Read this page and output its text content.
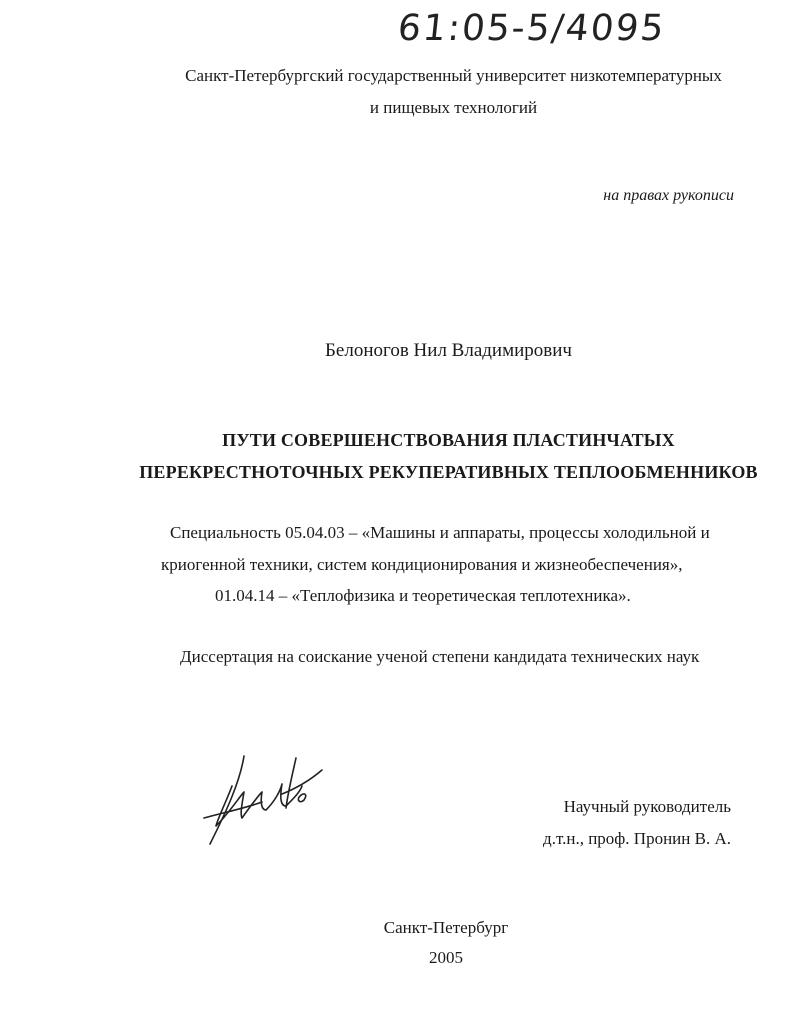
61:05-5/4095
Санкт-Петербургский государственный университет низкотемпературных
и пищевых технологий
на правах рукописи
Белоногов Нил Владимирович
ПУТИ СОВЕРШЕНСТВОВАНИЯ ПЛАСТИНЧАТЫХ
ПЕРЕКРЕСТНОТОЧНЫХ РЕКУПЕРАТИВНЫХ ТЕПЛООБМЕННИКОВ
Специальность 05.04.03 – «Машины и аппараты, процессы холодильной и
криогенной техники, систем кондиционирования и жизнеобеспечения»,
01.04.14 – «Теплофизика и теоретическая теплотехника».
Диссертация на соискание ученой степени кандидата технических наук
Научный руководитель
д.т.н., проф. Пронин В. А.
Санкт-Петербург
2005
